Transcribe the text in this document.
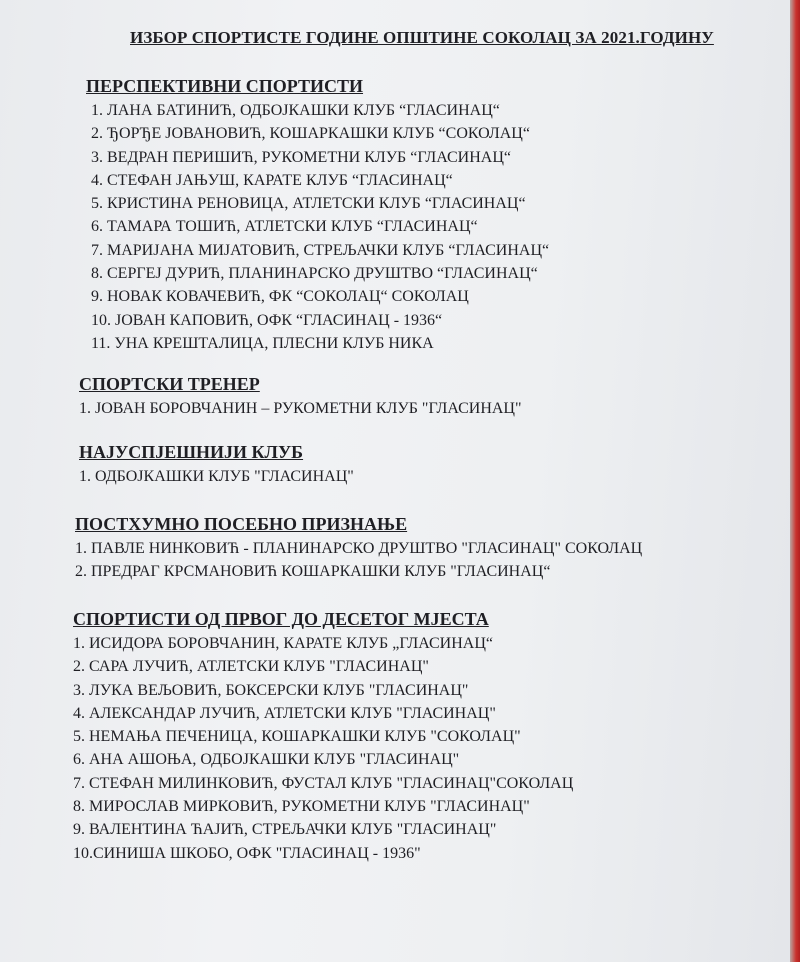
ИЗБОР СПОРТИСТЕ ГОДИНЕ ОПШТИНЕ СОКОЛАЦ ЗА 2021.ГОДИНУ
ПЕРСПЕКТИВНИ СПОРТИСТИ
1. ЛАНА БАТИНИЋ, ОДБОЈКАШКИ КЛУБ “ГЛАСИНАЦ“
2. ЂОРЂЕ ЈОВАНОВИЋ, КОШАРКАШКИ КЛУБ “СОКОЛАЦ“
3. ВЕДРАН ПЕРИШИЋ, РУКОМЕТНИ КЛУБ “ГЛАСИНАЦ“
4. СТЕФАН ЈАЊУШ, КАРАТЕ КЛУБ “ГЛАСИНАЦ“
5. КРИСТИНА РЕНОВИЦА, АТЛЕТСКИ КЛУБ “ГЛАСИНАЦ“
6. ТАМАРА ТОШИЋ, АТЛЕТСКИ КЛУБ “ГЛАСИНАЦ“
7. МАРИЈАНА МИЈАТОВИЋ, СТРЕЉАЧКИ КЛУБ “ГЛАСИНАЦ“
8. СЕРГЕЈ ДУРИЋ, ПЛАНИНАРСКО ДРУШТВО “ГЛАСИНАЦ“
9. НОВАК КОВАЧЕВИЋ, ФК “СОКОЛАЦ“ СОКОЛАЦ
10. ЈОВАН КАПОВИЋ, ОФК “ГЛАСИНАЦ - 1936“
11. УНА КРЕШТАЛИЦА, ПЛЕСНИ КЛУБ НИКА
СПОРТСКИ ТРЕНЕР
1. ЈОВАН БОРОВЧАНИН – РУКОМЕТНИ КЛУБ "ГЛАСИНАЦ"
НАЈУСПЈЕШНИЈИ КЛУБ
1. ОДБОЈКАШКИ КЛУБ "ГЛАСИНАЦ"
ПОСТХУМНО ПОСЕБНО ПРИЗНАЊЕ
1. ПАВЛЕ НИНКОВИЋ - ПЛАНИНАРСКО ДРУШТВО "ГЛАСИНАЦ" СОКОЛАЦ
2. ПРЕДРАГ КРСМАНОВИЋ КОШАРКАШКИ КЛУБ "ГЛАСИНАЦ“
СПОРТИСТИ ОД ПРВОГ ДО ДЕСЕТОГ МЈЕСТА
1. ИСИДОРА БОРОВЧАНИН, КАРАТЕ КЛУБ „ГЛАСИНАЦ“
2. САРА ЛУЧИЋ, АТЛЕТСКИ КЛУБ "ГЛАСИНАЦ"
3. ЛУКА ВЕЉОВИЋ, БОКСЕРСКИ КЛУБ "ГЛАСИНАЦ"
4. АЛЕКСАНДАР ЛУЧИЋ, АТЛЕТСКИ КЛУБ "ГЛАСИНАЦ"
5. НЕМАЊА ПЕЧЕНИЦА, КОШАРКАШКИ КЛУБ "СОКОЛАЦ"
6. АНА АШОЊА, ОДБОЈКАШКИ КЛУБ "ГЛАСИНАЦ"
7. СТЕФАН МИЛИНКОВИЋ, ФУСТАЛ КЛУБ "ГЛАСИНАЦ"СОКОЛАЦ
8. МИРОСЛАВ МИРКОВИЋ, РУКОМЕТНИ КЛУБ "ГЛАСИНАЦ"
9. ВАЛЕНТИНА ЋАЈИЋ, СТРЕЉАЧКИ КЛУБ "ГЛАСИНАЦ"
10.СИНИША ШКОБО, ОФК "ГЛАСИНАЦ - 1936"
